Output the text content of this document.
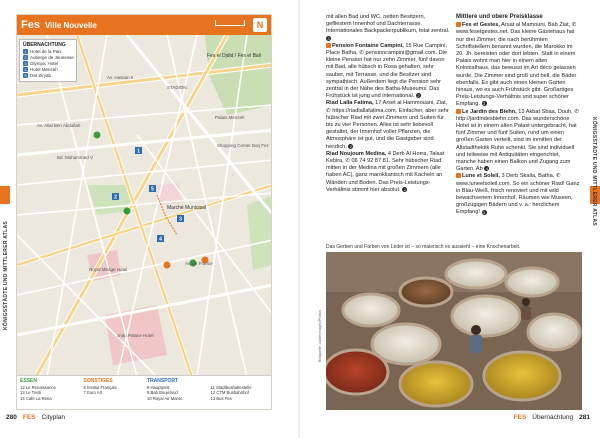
Fes Ville Nouvelle	N
1
2
3
4
5
ÜBERNACHTUNG
1 Hotel de la Paix
2 Auberge de Jeunesse
3 Olympic Hotel
4 Hotel Menzeh
5 Dar Ziryab
Fes el Djdid / Fes el Bali
STADION
Palais Menzeh
Shopping Center Borj Fez
Marché Municipal
Jnan Palace Hotel
Royal Mirage Hotel
Av. Hassan II
Bd. Mohammed V
Av. de France
Av. Allal Ben Abdallah
ESSEN
12 Le Renaissance
13 Le Tivoli
14 Café La Rena
SONSTIGES
6 Institut Français
7 Euro Art
TRANSPORT
8 Hauptpost
9 Bab Boujeloud
10 Royal Air Maroc

11 Stadtbushaltestelle
12 CTM Busbahnhof
13 Bus Fes
KÖNIGSSTÄDTE UND MITTLERER ATLAS
280 FES Cityplan

mit allen Bad und WC, netten Besitzern, gefliestem Innenhof und Dachterrasse. Internationales Backpackerpublikum, total zentral. 3

Pension Fontaine Campini, 15 Rue Campini, Place Batha, ✆ pensioncampini@gmail.com. Die kleine Pension hat nur zehn Zimmer, fünf davon mit Bad, alle hübsch in Rosa gehalten, sehr sauber, mit Terrasse, und die Besitzer sind sympathisch. Außerdem liegt die Pension sehr zentral in der Nähe des Batha-Museums. Das Frühstück ist jung und international. 2

Riad Lalla Fatima, 17 Arset al Hammouani, Ziat, ✆ https://riadlallafatima.com. Einfacher, aber sehr hübscher Riad mit zwei Zimmern und Suiten für bis zu vier Personen. Alles ist sehr liebevoll gestaltet, der Innenhof voller Pflanzen, die Atmosphäre ist gut, und die Gastgeber sind herzlich. 2

Riad Noujoum Medina, 4 Derb Al Horra, Talaat Kebira, ✆ 06 74 92 87 81. Sehr hübscher Riad mitten in der Medina mit großen Zimmern (alle haben AC), ganz marokkanisch mit Kacheln an Wänden und Boden. Das Preis-Leistungs-Verhältnis stimmt hier absolut. 2

Mittlere und obere Preisklasse

Fes et Gestes, Arsat al Mamouni, Bab Ziat, ✆ www.fesetgestes.net. Das kleine Gästehaus hat nur drei Zimmer, die nach berühmten Schriftstellern benannt wurden, die Marokko im 20. Jh. bereisten oder dort lebten. Statt in einem Palais wohnt man hier in einem alten Kolonialhaus, das bewusst im Art déco gelassen wurde. Die Zimmer sind groß und hell, die Bäder ebenfalls. Es gibt auch einen kleinen Garten hinaus, wo es auch Frühstück gibt. Großartiges Preis-Leistungs-Verhältnis und super schöner Empfang. 3

Le Jardin des Biehn, 13 Akbat Sbaa, Douh, ✆ http://jardindesbiehn.com. Das wunderschöne Hotel ist in einem alten Palast untergebracht, hat fünf Zimmer und fünf Suiten, rund um einen großen Garten verteilt, sind im inmitten der Altstadthektik Ruhe schenkt. Sie sind individuell und teilweise mit Antiquitäten eingerichtet, manche haben einen Balkon und Zugang zum Garten. Ab 4

Lune et Soleil, 3 Derb Skalia, Batha, ✆ www.luneetsoleil.com. So ein schöner Riad! Ganz in Blau-Weiß, frisch renoviert und mit wild bewachsenem Innenhof, Räumen wie Museen, großzügigen Bädern und v. a.: herzlichem Empfang! 3

Das Gerben und Färben von Leder ist – so malerisch es aussieht – eine Knochenarbeit.
Bildquelle: Jupiterimages/Photos
KÖNIGSSTÄDTE UND MITTLERER ATLAS
FES Übernachtung 281
